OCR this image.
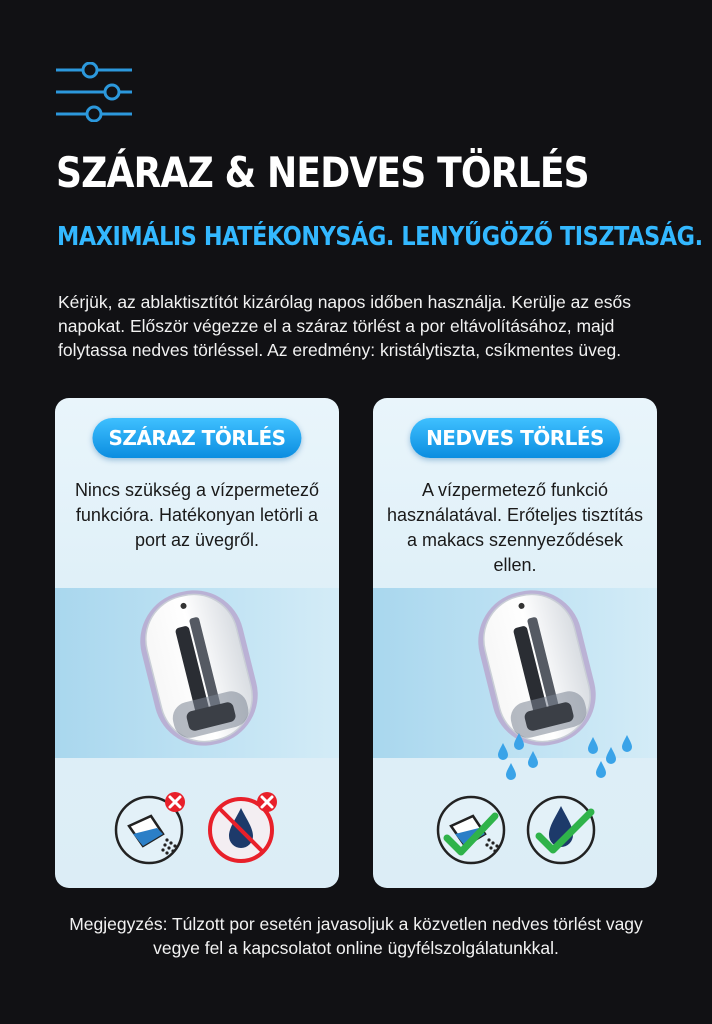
SZÁRAZ & NEDVES TÖRLÉS
MAXIMÁLIS HATÉKONYSÁG. LENYŰGÖZŐ TISZTASÁG.

Kérjük, az ablaktisztítót kizárólag napos időben használja. Kerülje az esős napokat. Először végezze el a száraz törlést a por eltávolításához, majd folytassa nedves törléssel. Az eredmény: kristálytiszta, csíkmentes üveg.

SZÁRAZ TÖRLÉS

Nincs szükség a vízpermetező funkcióra. Hatékonyan letörli a port az üvegről.

NEDVES TÖRLÉS

A vízpermetező funkció használatával. Erőteljes tisztítás a makacs szennyeződések ellen.

Megjegyzés: Túlzott por esetén javasoljuk a közvetlen nedves törlést vagy vegye fel a kapcsolatot online ügyfélszolgálatunkkal.
